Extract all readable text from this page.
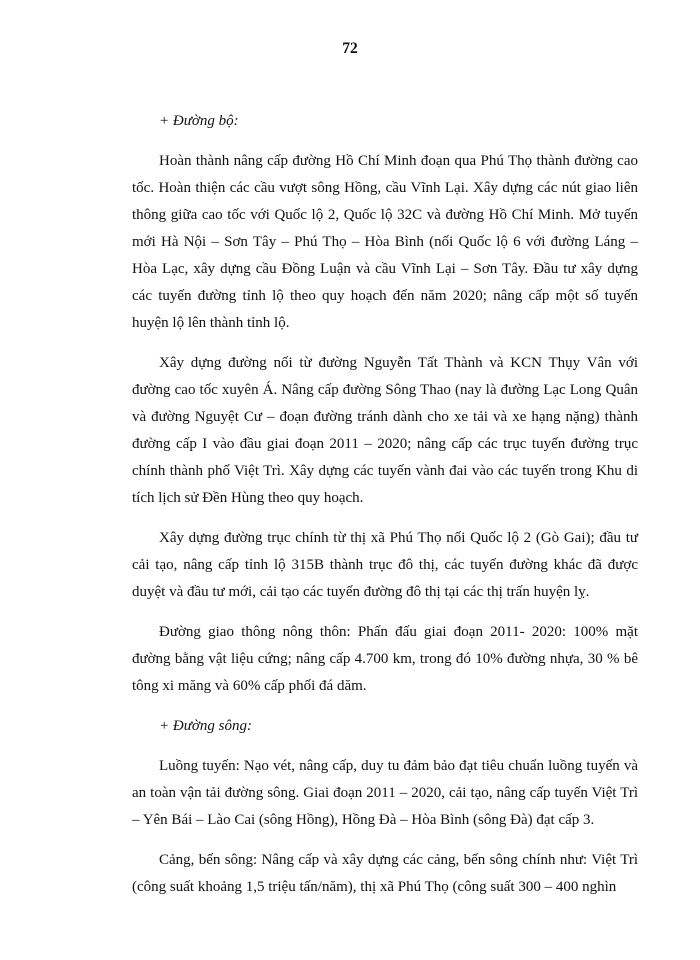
72

+ Đường bộ:

Hoàn thành nâng cấp đường Hồ Chí Minh đoạn qua Phú Thọ thành đường cao tốc. Hoàn thiện các cầu vượt sông Hồng, cầu Vĩnh Lại. Xây dựng các nút giao liên thông giữa cao tốc với Quốc lộ 2, Quốc lộ 32C và đường Hồ Chí Minh. Mở tuyến mới Hà Nội – Sơn Tây – Phú Thọ – Hòa Bình (nối Quốc lộ 6 với đường Láng – Hòa Lạc, xây dựng cầu Đồng Luận và cầu Vĩnh Lại – Sơn Tây. Đầu tư xây dựng các tuyến đường tỉnh lộ theo quy hoạch đến năm 2020; nâng cấp một số tuyến huyện lộ lên thành tỉnh lộ.

Xây dựng đường nối từ đường Nguyễn Tất Thành và KCN Thụy Vân với đường cao tốc xuyên Á. Nâng cấp đường Sông Thao (nay là đường Lạc Long Quân và đường Nguyệt Cư – đoạn đường tránh dành cho xe tải và xe hạng nặng) thành đường cấp I vào đầu giai đoạn 2011 – 2020; nâng cấp các trục tuyến đường trục chính thành phố Việt Trì. Xây dựng các tuyến vành đai vào các tuyến trong Khu di tích lịch sử Đền Hùng theo quy hoạch.

Xây dựng đường trục chính từ thị xã Phú Thọ nối Quốc lộ 2 (Gò Gai); đầu tư cải tạo, nâng cấp tỉnh lộ 315B thành trục đô thị, các tuyến đường khác đã được duyệt và đầu tư mới, cải tạo các tuyến đường đô thị tại các thị trấn huyện lỵ.

Đường giao thông nông thôn: Phấn đấu giai đoạn 2011- 2020: 100% mặt đường bằng vật liệu cứng; nâng cấp 4.700 km, trong đó 10% đường nhựa, 30 % bê tông xi măng và 60% cấp phối đá dăm.

+ Đường sông:

Luồng tuyến: Nạo vét, nâng cấp, duy tu đảm bảo đạt tiêu chuẩn luồng tuyến và an toàn vận tải đường sông. Giai đoạn 2011 – 2020, cải tạo, nâng cấp tuyến Việt Trì – Yên Bái – Lào Cai (sông Hồng), Hồng Đà – Hòa Bình (sông Đà) đạt cấp 3.

Cảng, bến sông: Nâng cấp và xây dựng các cảng, bến sông chính như: Việt Trì (công suất khoảng 1,5 triệu tấn/năm), thị xã Phú Thọ (công suất 300 – 400 nghìn
